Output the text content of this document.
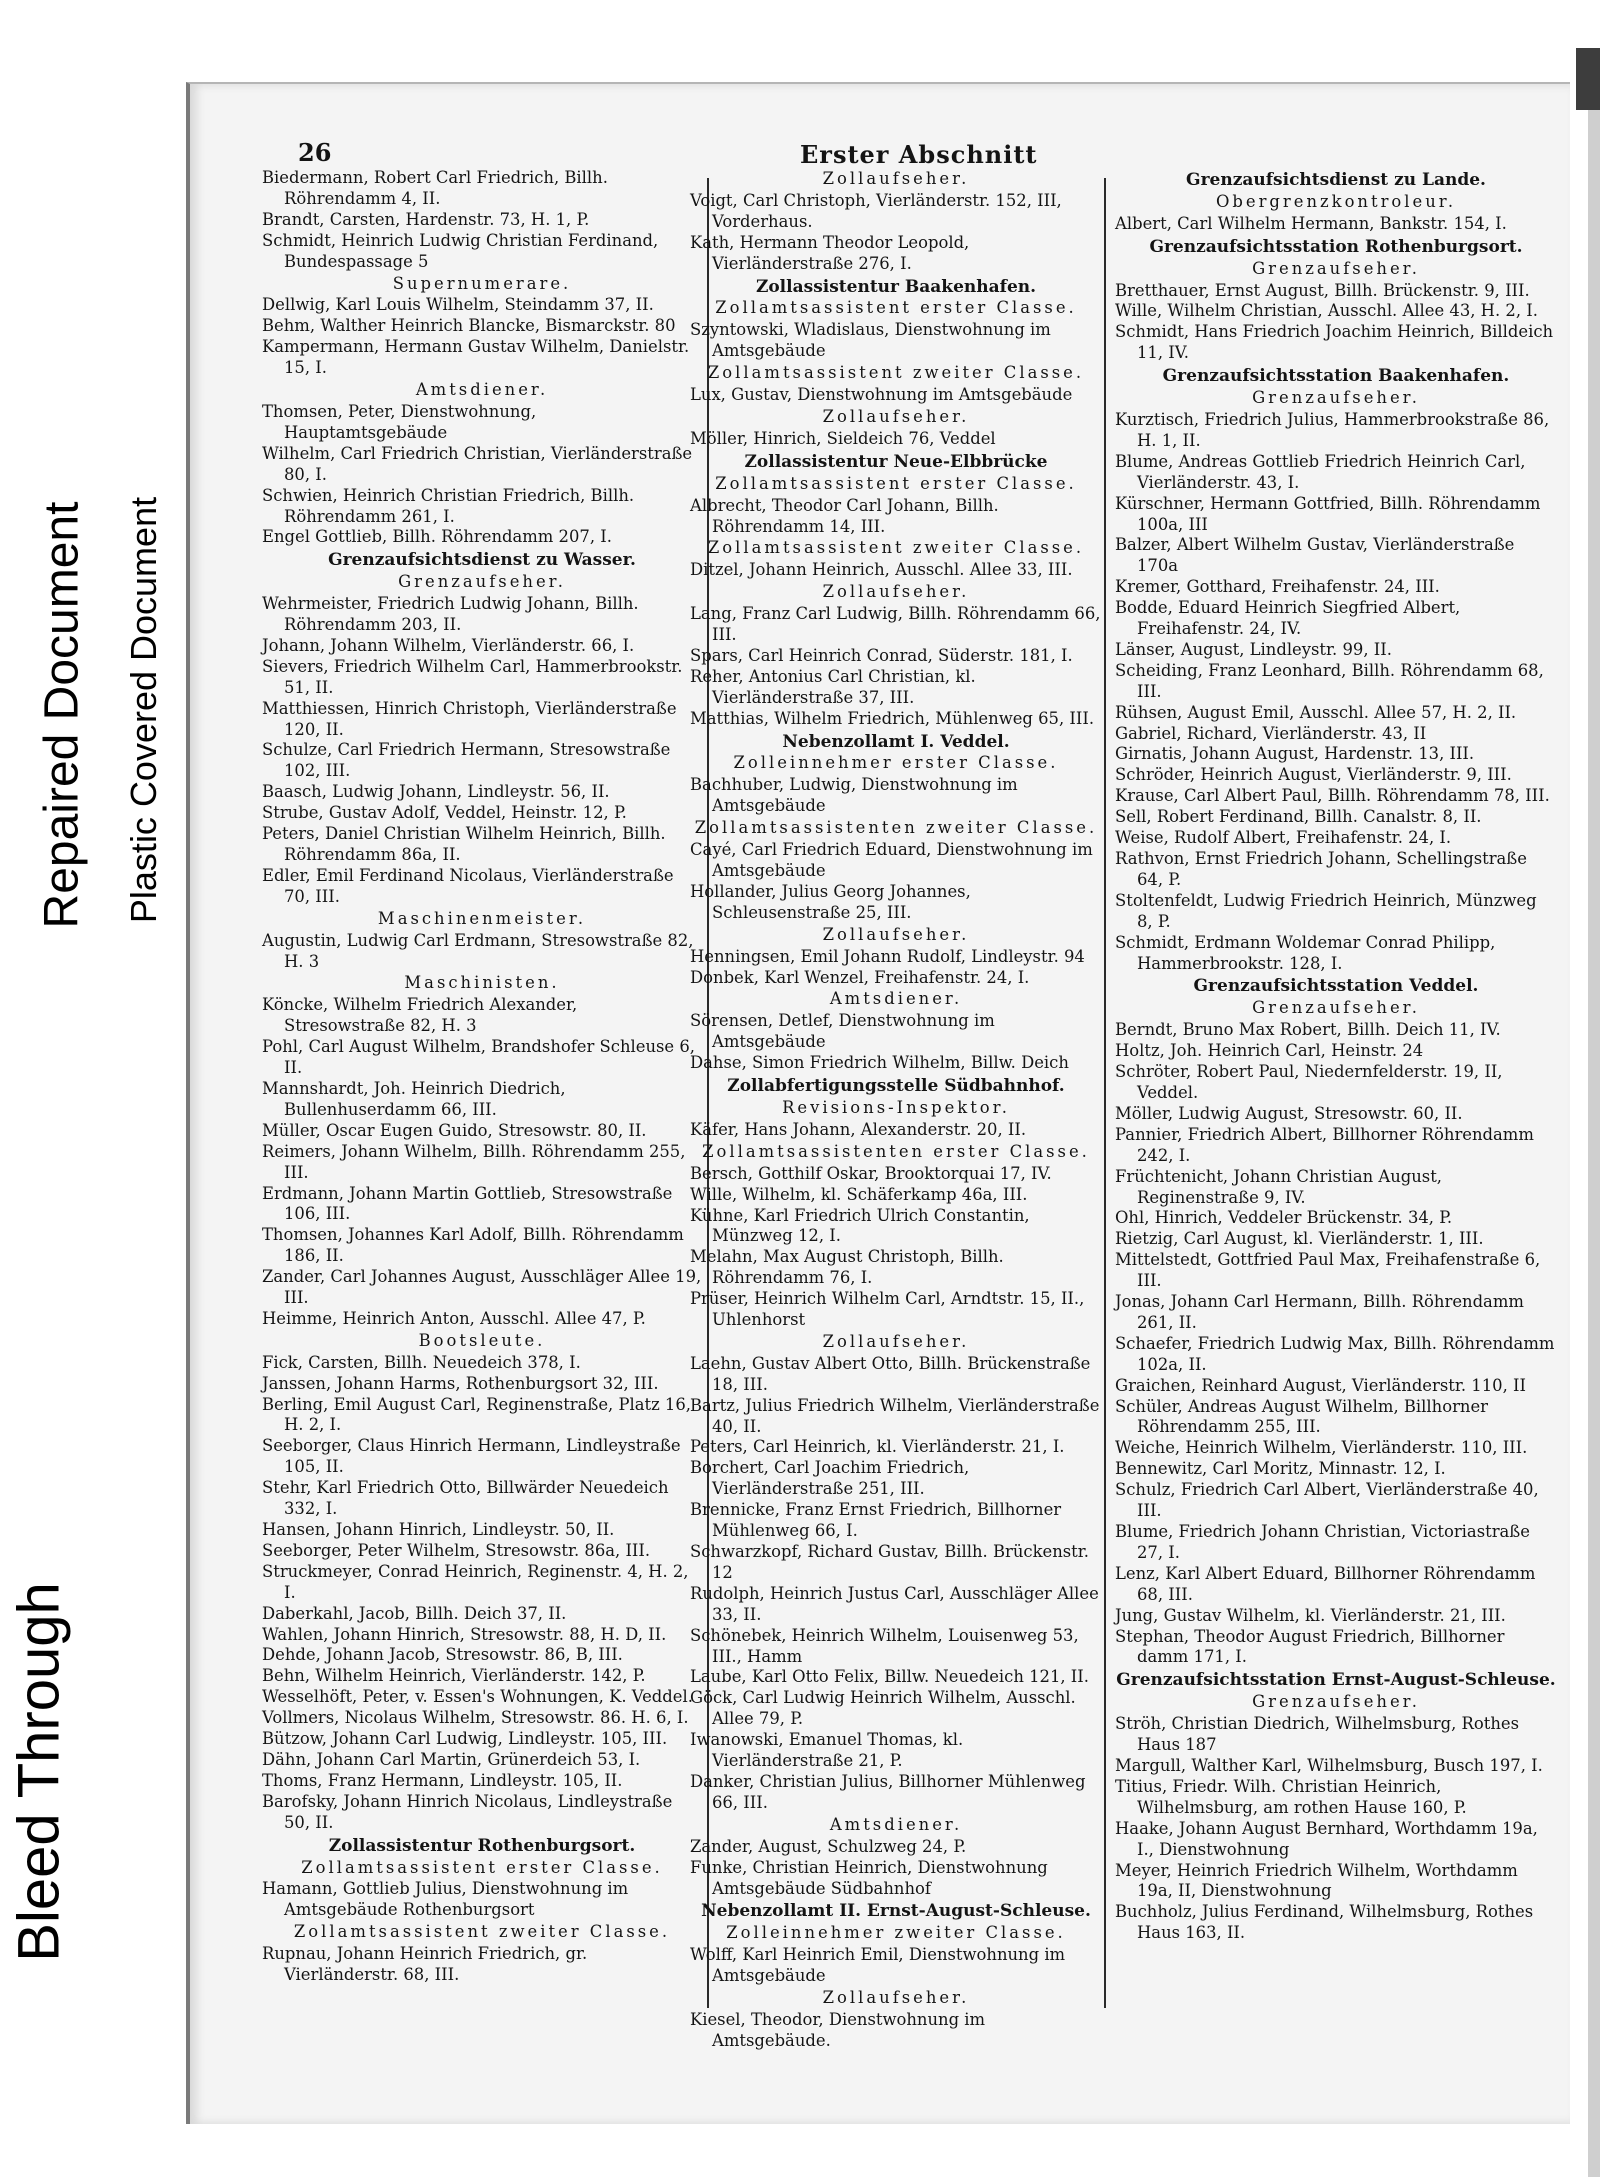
26	Erster Abschnitt
Biedermann, Robert Carl Friedrich, Billh. Röhrendamm 4, II.
Brandt, Carsten, Hardenstr. 73, H. 1, P.
Schmidt, Heinrich Ludwig Christian Ferdinand, Bundespassage 5
Supernumerare.
Dellwig, Karl Louis Wilhelm, Steindamm 37, II.
Behm, Walther Heinrich Blancke, Bismarckstr. 80
Kampermann, Hermann Gustav Wilhelm, Danielstr. 15, I.
Amtsdiener.
Thomsen, Peter, Dienstwohnung, Hauptamtsgebäude
Wilhelm, Carl Friedrich Christian, Vierländerstraße 80, I.
Schwien, Heinrich Christian Friedrich, Billh. Röhrendamm 261, I.
Engel Gottlieb, Billh. Röhrendamm 207, I.
Grenzaufsichtsdienst zu Wasser.
Grenzaufseher.
Wehrmeister, Friedrich Ludwig Johann, Billh. Röhrendamm 203, II.
Johann, Johann Wilhelm, Vierländerstr. 66, I.
Sievers, Friedrich Wilhelm Carl, Hammerbrookstr. 51, II.
Matthiessen, Hinrich Christoph, Vierländerstraße 120, II.
Schulze, Carl Friedrich Hermann, Stresowstraße 102, III.
Baasch, Ludwig Johann, Lindleystr. 56, II.
Strube, Gustav Adolf, Veddel, Heinstr. 12, P.
Peters, Daniel Christian Wilhelm Heinrich, Billh. Röhrendamm 86a, II.
Edler, Emil Ferdinand Nicolaus, Vierländerstraße 70, III.
Maschinenmeister.
Augustin, Ludwig Carl Erdmann, Stresowstraße 82, H. 3
Maschinisten.
Köncke, Wilhelm Friedrich Alexander, Stresowstraße 82, H. 3
Pohl, Carl August Wilhelm, Brandshofer Schleuse 6, II.
Mannshardt, Joh. Heinrich Diedrich, Bullenhuserdamm 66, III.
Müller, Oscar Eugen Guido, Stresowstr. 80, II.
Reimers, Johann Wilhelm, Billh. Röhrendamm 255, III.
Erdmann, Johann Martin Gottlieb, Stresowstraße 106, III.
Thomsen, Johannes Karl Adolf, Billh. Röhrendamm 186, II.
Zander, Carl Johannes August, Ausschläger Allee 19, III.
Heimme, Heinrich Anton, Ausschl. Allee 47, P.
Bootsleute.
Fick, Carsten, Billh. Neuedeich 378, I.
Janssen, Johann Harms, Rothenburgsort 32, III.
Berling, Emil August Carl, Reginenstraße, Platz 16, H. 2, I.
Seeborger, Claus Hinrich Hermann, Lindleystraße 105, II.
Stehr, Karl Friedrich Otto, Billwärder Neuedeich 332, I.
Hansen, Johann Hinrich, Lindleystr. 50, II.
Seeborger, Peter Wilhelm, Stresowstr. 86a, III.
Struckmeyer, Conrad Heinrich, Reginenstr. 4, H. 2, I.
Daberkahl, Jacob, Billh. Deich 37, II.
Wahlen, Johann Hinrich, Stresowstr. 88, H. D, II.
Dehde, Johann Jacob, Stresowstr. 86, B, III.
Behn, Wilhelm Heinrich, Vierländerstr. 142, P.
Wesselhöft, Peter, v. Essen's Wohnungen, K. Veddel.
Vollmers, Nicolaus Wilhelm, Stresowstr. 86. H. 6, I.
Bützow, Johann Carl Ludwig, Lindleystr. 105, III.
Dähn, Johann Carl Martin, Grünerdeich 53, I.
Thoms, Franz Hermann, Lindleystr. 105, II.
Barofsky, Johann Hinrich Nicolaus, Lindleystraße 50, II.
Zollassistentur Rothenburgsort.
Zollamtsassistent erster Classe.
Hamann, Gottlieb Julius, Dienstwohnung im Amtsgebäude Rothenburgsort
Zollamtsassistent zweiter Classe.
Rupnau, Johann Heinrich Friedrich, gr. Vierländerstr. 68, III.
Zollaufseher.
Voigt, Carl Christoph, Vierländerstr. 152, III, Vorderhaus.
Kath, Hermann Theodor Leopold, Vierländerstraße 276, I.
Zollassistentur Baakenhafen.
Zollamtsassistent erster Classe.
Szyntowski, Wladislaus, Dienstwohnung im Amtsgebäude
Zollamtsassistent zweiter Classe.
Lux, Gustav, Dienstwohnung im Amtsgebäude
Zollaufseher.
Möller, Hinrich, Sieldeich 76, Veddel
Zollassistentur Neue-Elbbrücke
Zollamtsassistent erster Classe.
Albrecht, Theodor Carl Johann, Billh. Röhrendamm 14, III.
Zollamtsassistent zweiter Classe.
Ditzel, Johann Heinrich, Ausschl. Allee 33, III.
Zollaufseher.
Lang, Franz Carl Ludwig, Billh. Röhrendamm 66, III.
Spars, Carl Heinrich Conrad, Süderstr. 181, I.
Reher, Antonius Carl Christian, kl. Vierländerstraße 37, III.
Matthias, Wilhelm Friedrich, Mühlenweg 65, III.
Nebenzollamt I. Veddel.
Zolleinnehmer erster Classe.
Bachhuber, Ludwig, Dienstwohnung im Amtsgebäude
Zollamtsassistenten zweiter Classe.
Cayé, Carl Friedrich Eduard, Dienstwohnung im Amtsgebäude
Hollander, Julius Georg Johannes, Schleusenstraße 25, III.
Zollaufseher.
Henningsen, Emil Johann Rudolf, Lindleystr. 94
Donbek, Karl Wenzel, Freihafenstr. 24, I.
Amtsdiener.
Sörensen, Detlef, Dienstwohnung im Amtsgebäude
Dahse, Simon Friedrich Wilhelm, Billw. Deich
Zollabfertigungsstelle Südbahnhof.
Revisions-Inspektor.
Käfer, Hans Johann, Alexanderstr. 20, II.
Zollamtsassistenten erster Classe.
Bersch, Gotthilf Oskar, Brooktorquai 17, IV.
Wille, Wilhelm, kl. Schäferkamp 46a, III.
Kühne, Karl Friedrich Ulrich Constantin, Münzweg 12, I.
Melahn, Max August Christoph, Billh. Röhrendamm 76, I.
Prüser, Heinrich Wilhelm Carl, Arndtstr. 15, II., Uhlenhorst
Zollaufseher.
Laehn, Gustav Albert Otto, Billh. Brückenstraße 18, III.
Bartz, Julius Friedrich Wilhelm, Vierländerstraße 40, II.
Peters, Carl Heinrich, kl. Vierländerstr. 21, I.
Borchert, Carl Joachim Friedrich, Vierländerstraße 251, III.
Brennicke, Franz Ernst Friedrich, Billhorner Mühlenweg 66, I.
Schwarzkopf, Richard Gustav, Billh. Brückenstr. 12
Rudolph, Heinrich Justus Carl, Ausschläger Allee 33, II.
Schönebek, Heinrich Wilhelm, Louisenweg 53, III., Hamm
Laube, Karl Otto Felix, Billw. Neuedeich 121, II.
Göck, Carl Ludwig Heinrich Wilhelm, Ausschl. Allee 79, P.
Iwanowski, Emanuel Thomas, kl. Vierländerstraße 21, P.
Danker, Christian Julius, Billhorner Mühlenweg 66, III.
Amtsdiener.
Zander, August, Schulzweg 24, P.
Funke, Christian Heinrich, Dienstwohnung Amtsgebäude Südbahnhof
Nebenzollamt II. Ernst-August-Schleuse.
Zolleinnehmer zweiter Classe.
Wolff, Karl Heinrich Emil, Dienstwohnung im Amtsgebäude
Zollaufseher.
Kiesel, Theodor, Dienstwohnung im Amtsgebäude.
Grenzaufsichtsdienst zu Lande.
Obergrenzkontroleur.
Albert, Carl Wilhelm Hermann, Bankstr. 154, I.
Grenzaufsichtsstation Rothenburgsort.
Grenzaufseher.
Bretthauer, Ernst August, Billh. Brückenstr. 9, III.
Wille, Wilhelm Christian, Ausschl. Allee 43, H. 2, I.
Schmidt, Hans Friedrich Joachim Heinrich, Billdeich 11, IV.
Grenzaufsichtsstation Baakenhafen.
Grenzaufseher.
Kurztisch, Friedrich Julius, Hammerbrookstraße 86, H. 1, II.
Blume, Andreas Gottlieb Friedrich Heinrich Carl, Vierländerstr. 43, I.
Kürschner, Hermann Gottfried, Billh. Röhrendamm 100a, III
Balzer, Albert Wilhelm Gustav, Vierländerstraße 170a
Kremer, Gotthard, Freihafenstr. 24, III.
Bodde, Eduard Heinrich Siegfried Albert, Freihafenstr. 24, IV.
Länser, August, Lindleystr. 99, II.
Scheiding, Franz Leonhard, Billh. Röhrendamm 68, III.
Rühsen, August Emil, Ausschl. Allee 57, H. 2, II.
Gabriel, Richard, Vierländerstr. 43, II
Girnatis, Johann August, Hardenstr. 13, III.
Schröder, Heinrich August, Vierländerstr. 9, III.
Krause, Carl Albert Paul, Billh. Röhrendamm 78, III.
Sell, Robert Ferdinand, Billh. Canalstr. 8, II.
Weise, Rudolf Albert, Freihafenstr. 24, I.
Rathvon, Ernst Friedrich Johann, Schellingstraße 64, P.
Stoltenfeldt, Ludwig Friedrich Heinrich, Münzweg 8, P.
Schmidt, Erdmann Woldemar Conrad Philipp, Hammerbrookstr. 128, I.
Grenzaufsichtsstation Veddel.
Grenzaufseher.
Berndt, Bruno Max Robert, Billh. Deich 11, IV.
Holtz, Joh. Heinrich Carl, Heinstr. 24
Schröter, Robert Paul, Niedernfelderstr. 19, II, Veddel.
Möller, Ludwig August, Stresowstr. 60, II.
Pannier, Friedrich Albert, Billhorner Röhrendamm 242, I.
Früchtenicht, Johann Christian August, Reginenstraße 9, IV.
Ohl, Hinrich, Veddeler Brückenstr. 34, P.
Rietzig, Carl August, kl. Vierländerstr. 1, III.
Mittelstedt, Gottfried Paul Max, Freihafenstraße 6, III.
Jonas, Johann Carl Hermann, Billh. Röhrendamm 261, II.
Schaefer, Friedrich Ludwig Max, Billh. Röhrendamm 102a, II.
Graichen, Reinhard August, Vierländerstr. 110, II
Schüler, Andreas August Wilhelm, Billhorner Röhrendamm 255, III.
Weiche, Heinrich Wilhelm, Vierländerstr. 110, III.
Bennewitz, Carl Moritz, Minnastr. 12, I.
Schulz, Friedrich Carl Albert, Vierländerstraße 40, III.
Blume, Friedrich Johann Christian, Victoriastraße 27, I.
Lenz, Karl Albert Eduard, Billhorner Röhrendamm 68, III.
Jung, Gustav Wilhelm, kl. Vierländerstr. 21, III.
Stephan, Theodor August Friedrich, Billhorner damm 171, I.
Grenzaufsichtsstation Ernst-August-Schleuse.
Grenzaufseher.
Ströh, Christian Diedrich, Wilhelmsburg, Rothes Haus 187
Margull, Walther Karl, Wilhelmsburg, Busch 197, I.
Titius, Friedr. Wilh. Christian Heinrich, Wilhelmsburg, am rothen Hause 160, P.
Haake, Johann August Bernhard, Worthdamm 19a, I., Dienstwohnung
Meyer, Heinrich Friedrich Wilhelm, Worthdamm 19a, II, Dienstwohnung
Buchholz, Julius Ferdinand, Wilhelmsburg, Rothes Haus 163, II.
Bleed Through
Repaired Document Plastic Covered Document
